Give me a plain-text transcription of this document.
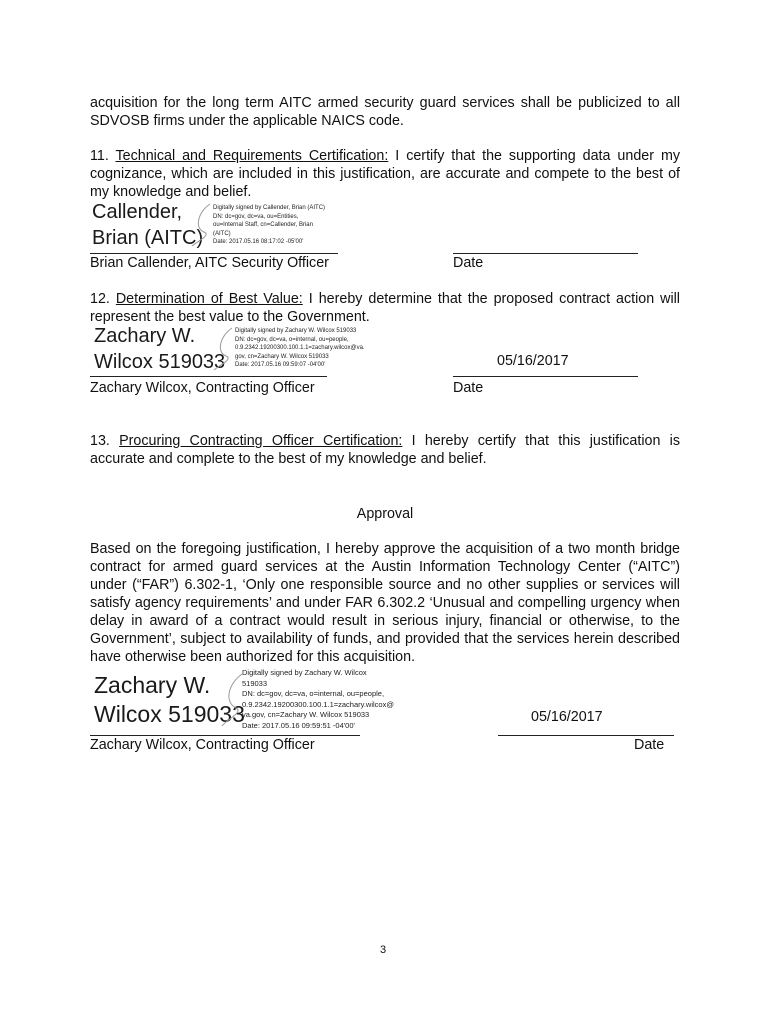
acquisition for the long term AITC armed security guard services shall be publicized to all SDVOSB firms under the applicable NAICS code.
11. Technical and Requirements Certification: I certify that the supporting data under my cognizance, which are included in this justification, are accurate and compete to the best of my knowledge and belief.
Callender,
Brian (AITC)
Digitally signed by Callender, Brian (AITC)
DN: dc=gov, dc=va, ou=Entities,
ou=Internal Staff, cn=Callender, Brian
(AITC)
Date: 2017.05.16 08:17:02 -05'00'
Brian Callender, AITC Security Officer	Date
12. Determination of Best Value: I hereby determine that the proposed contract action will represent the best value to the Government.
Zachary W.
Wilcox 519033
Digitally signed by Zachary W. Wilcox 519033
DN: dc=gov, dc=va, o=internal, ou=people,
0.9.2342.19200300.100.1.1=zachary.wilcox@va.
gov, cn=Zachary W. Wilcox 519033
Date: 2017.05.16 09:59:07 -04'00'	05/16/2017
Zachary Wilcox, Contracting Officer	Date
13. Procuring Contracting Officer Certification: I hereby certify that this justification is accurate and complete to the best of my knowledge and belief.
Approval
Based on the foregoing justification, I hereby approve the acquisition of a two month bridge contract for armed guard services at the Austin Information Technology Center (“AITC”) under (“FAR”) 6.302-1, ‘Only one responsible source and no other supplies or services will satisfy agency requirements’ and under FAR 6.302.2 ‘Unusual and compelling urgency when delay in award of a contract would result in serious injury, financial or otherwise, to the Government’, subject to availability of funds, and provided that the services herein described have otherwise been authorized for this acquisition.
Zachary W.
Wilcox 519033
Digitally signed by Zachary W. Wilcox
519033
DN: dc=gov, dc=va, o=internal, ou=people,
0.9.2342.19200300.100.1.1=zachary.wilcox@
va.gov, cn=Zachary W. Wilcox 519033
Date: 2017.05.16 09:59:51 -04'00'
05/16/2017
Zachary Wilcox, Contracting Officer	Date
3
